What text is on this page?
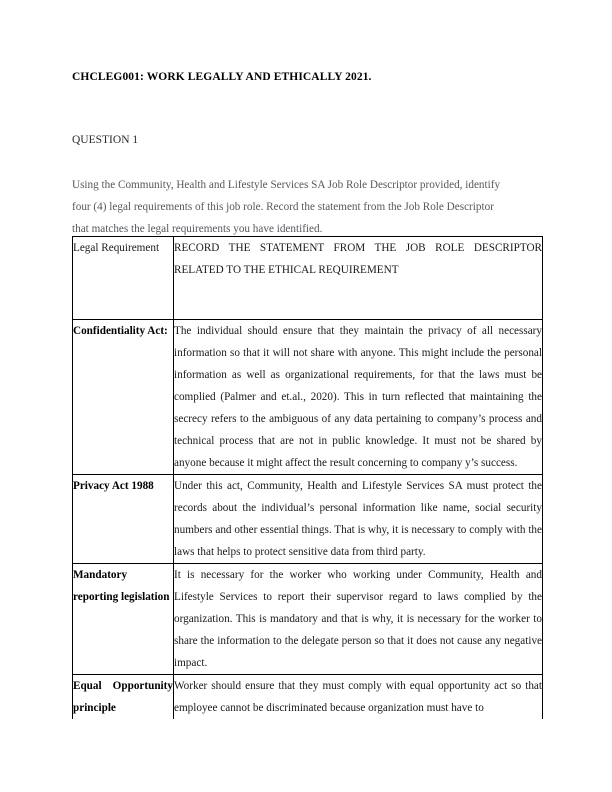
CHCLEG001: WORK LEGALLY AND ETHICALLY 2021.
QUESTION 1
Using the Community, Health and Lifestyle Services SA Job Role Descriptor provided, identify
four (4) legal requirements of this job role. Record the statement from the Job Role Descriptor
that matches the legal requirements you have identified.
Legal Requirement	RECORD THE STATEMENT FROM THE JOB ROLE DESCRIPTOR RELATED TO THE ETHICAL REQUIREMENT

Confidentiality Act:	The individual should ensure that they maintain the privacy of all necessary information so that it will not share with anyone. This might include the personal information as well as organizational requirements, for that the laws must be complied (Palmer and et.al., 2020). This in turn reflected that maintaining the secrecy refers to the ambiguous of any data pertaining to company’s process and technical process that are not in public knowledge. It must not be shared by anyone because it might affect the result concerning to company y’s success.

Privacy Act 1988	Under this act, Community, Health and Lifestyle Services SA must protect the records about the individual’s personal information like name, social security numbers and other essential things. That is why, it is necessary to comply with the laws that helps to protect sensitive data from third party.

Mandatory reporting legislation	It is necessary for the worker who working under Community, Health and Lifestyle Services to report their supervisor regard to laws complied by the organization. This is mandatory and that is why, it is necessary for the worker to share the information to the delegate person so that it does not cause any negative impact.

Equal Opportunity principle	Worker should ensure that they must comply with equal opportunity act so that employee cannot be discriminated because organization must have to
